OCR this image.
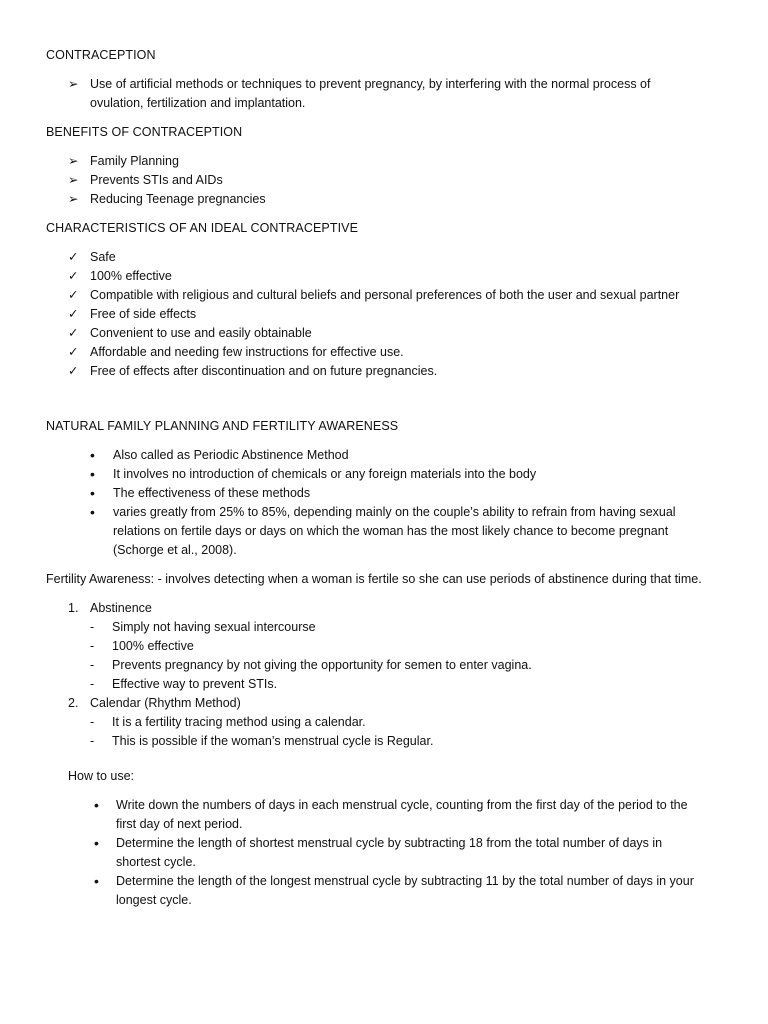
CONTRACEPTION
➢ Use of artificial methods or techniques to prevent pregnancy, by interfering with the normal process of ovulation, fertilization and implantation.
BENEFITS OF CONTRACEPTION
➢ Family Planning
➢ Prevents STIs and AIDs
➢ Reducing Teenage pregnancies
CHARACTERISTICS OF AN IDEAL CONTRACEPTIVE
✓ Safe
✓ 100% effective
✓ Compatible with religious and cultural beliefs and personal preferences of both the user and sexual partner
✓ Free of side effects
✓ Convenient to use and easily obtainable
✓ Affordable and needing few instructions for effective use.
✓ Free of effects after discontinuation and on future pregnancies.
NATURAL FAMILY PLANNING AND FERTILITY AWARENESS
•	Also called as Periodic Abstinence Method
•	It involves no introduction of chemicals or any foreign materials into the body
•	The effectiveness of these methods
•	varies greatly from 25% to 85%, depending mainly on the couple’s ability to refrain from having sexual relations on fertile days or days on which the woman has the most likely chance to become pregnant (Schorge et al., 2008).

Fertility Awareness: - involves detecting when a woman is fertile so she can use periods of abstinence during that time.

1. Abstinence
-	Simply not having sexual intercourse
-	100% effective
-	Prevents pregnancy by not giving the opportunity for semen to enter vagina.
-	Effective way to prevent STIs.
2. Calendar (Rhythm Method)
-	It is a fertility tracing method using a calendar.
-	This is possible if the woman’s menstrual cycle is Regular.
How to use:
•	Write down the numbers of days in each menstrual cycle, counting from the first day of the period to the first day of next period.
•	Determine the length of shortest menstrual cycle by subtracting 18 from the total number of days in shortest cycle.
•	Determine the length of the longest menstrual cycle by subtracting 11 by the total number of days in your longest cycle.
